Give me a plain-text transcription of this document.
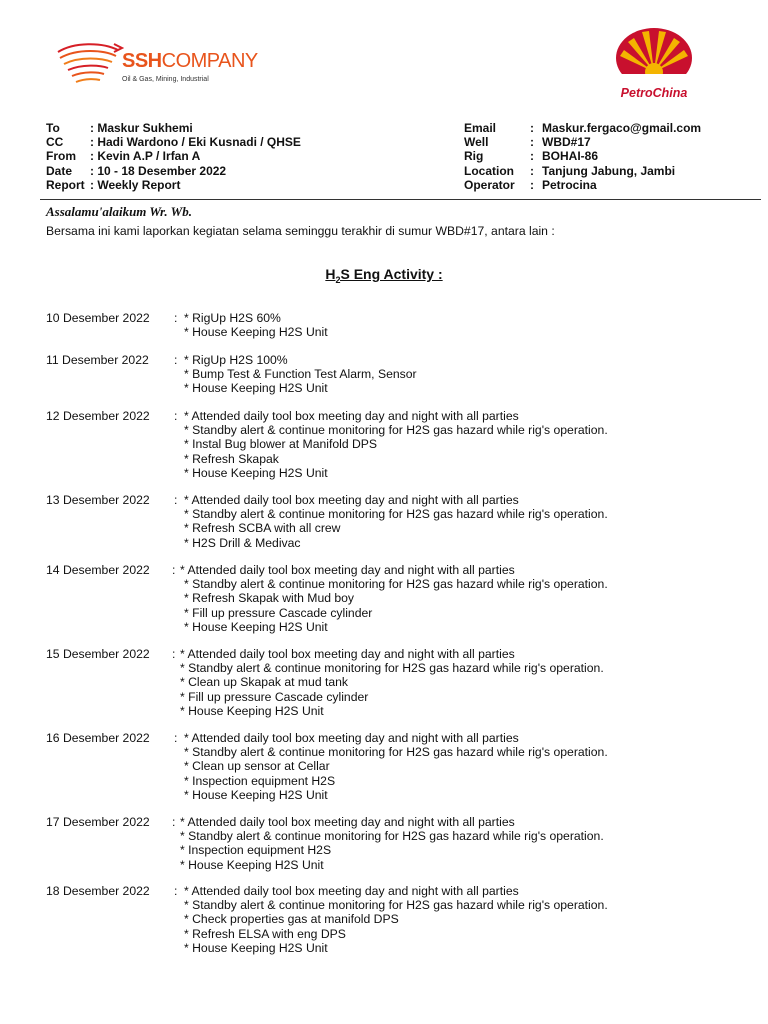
SSHCOMPANY
Oil & Gas, Mining, Industrial
PetroChina
To	: Maskur Sukhemi
CC	: Hadi Wardono / Eki Kusnadi / QHSE
From	: Kevin A.P / Irfan A
Date	: 10 - 18 Desember 2022
Report : Weekly Report
Email	: Maskur.fergaco@gmail.com
Well	: WBD#17
Rig	: BOHAI-86
Location	: Tanjung Jabung, Jambi
Operator	: Petrocina
Assalamu'alaikum Wr. Wb.
Bersama ini kami laporkan kegiatan selama seminggu terakhir di sumur WBD#17, antara lain :
$H_2S$ Eng Activity :
10 Desember 2022	: * RigUp H2S 60%
* House Keeping H2S Unit
11 Desember 2022	: * RigUp H2S 100%
* Bump Test & Function Test Alarm, Sensor
* House Keeping H2S Unit
12 Desember 2022	: * Attended daily tool box meeting day and night with all parties
* Standby alert & continue monitoring for H2S gas hazard while rig's operation.
* Instal Bug blower at Manifold DPS
* Refresh Skapak
* House Keeping H2S Unit
13 Desember 2022	: * Attended daily tool box meeting day and night with all parties
* Standby alert & continue monitoring for H2S gas hazard while rig's operation.
* Refresh SCBA with all crew
* H2S Drill & Medivac
14 Desember 2022	: * Attended daily tool box meeting day and night with all parties
* Standby alert & continue monitoring for H2S gas hazard while rig's operation.
* Refresh Skapak with Mud boy
* Fill up pressure Cascade cylinder
* House Keeping H2S Unit
15 Desember 2022	: * Attended daily tool box meeting day and night with all parties
* Standby alert & continue monitoring for H2S gas hazard while rig's operation.
* Clean up Skapak at mud tank
* Fill up pressure Cascade cylinder
* House Keeping H2S Unit
16 Desember 2022	: * Attended daily tool box meeting day and night with all parties
* Standby alert & continue monitoring for H2S gas hazard while rig's operation.
* Clean up sensor at Cellar
* Inspection equipment H2S
* House Keeping H2S Unit
17 Desember 2022	: * Attended daily tool box meeting day and night with all parties
* Standby alert & continue monitoring for H2S gas hazard while rig's operation.
* Inspection equipment H2S
* House Keeping H2S Unit
18 Desember 2022	: * Attended daily tool box meeting day and night with all parties
* Standby alert & continue monitoring for H2S gas hazard while rig's operation.
* Check properties gas at manifold DPS
* Refresh ELSA with eng DPS
* House Keeping H2S Unit
